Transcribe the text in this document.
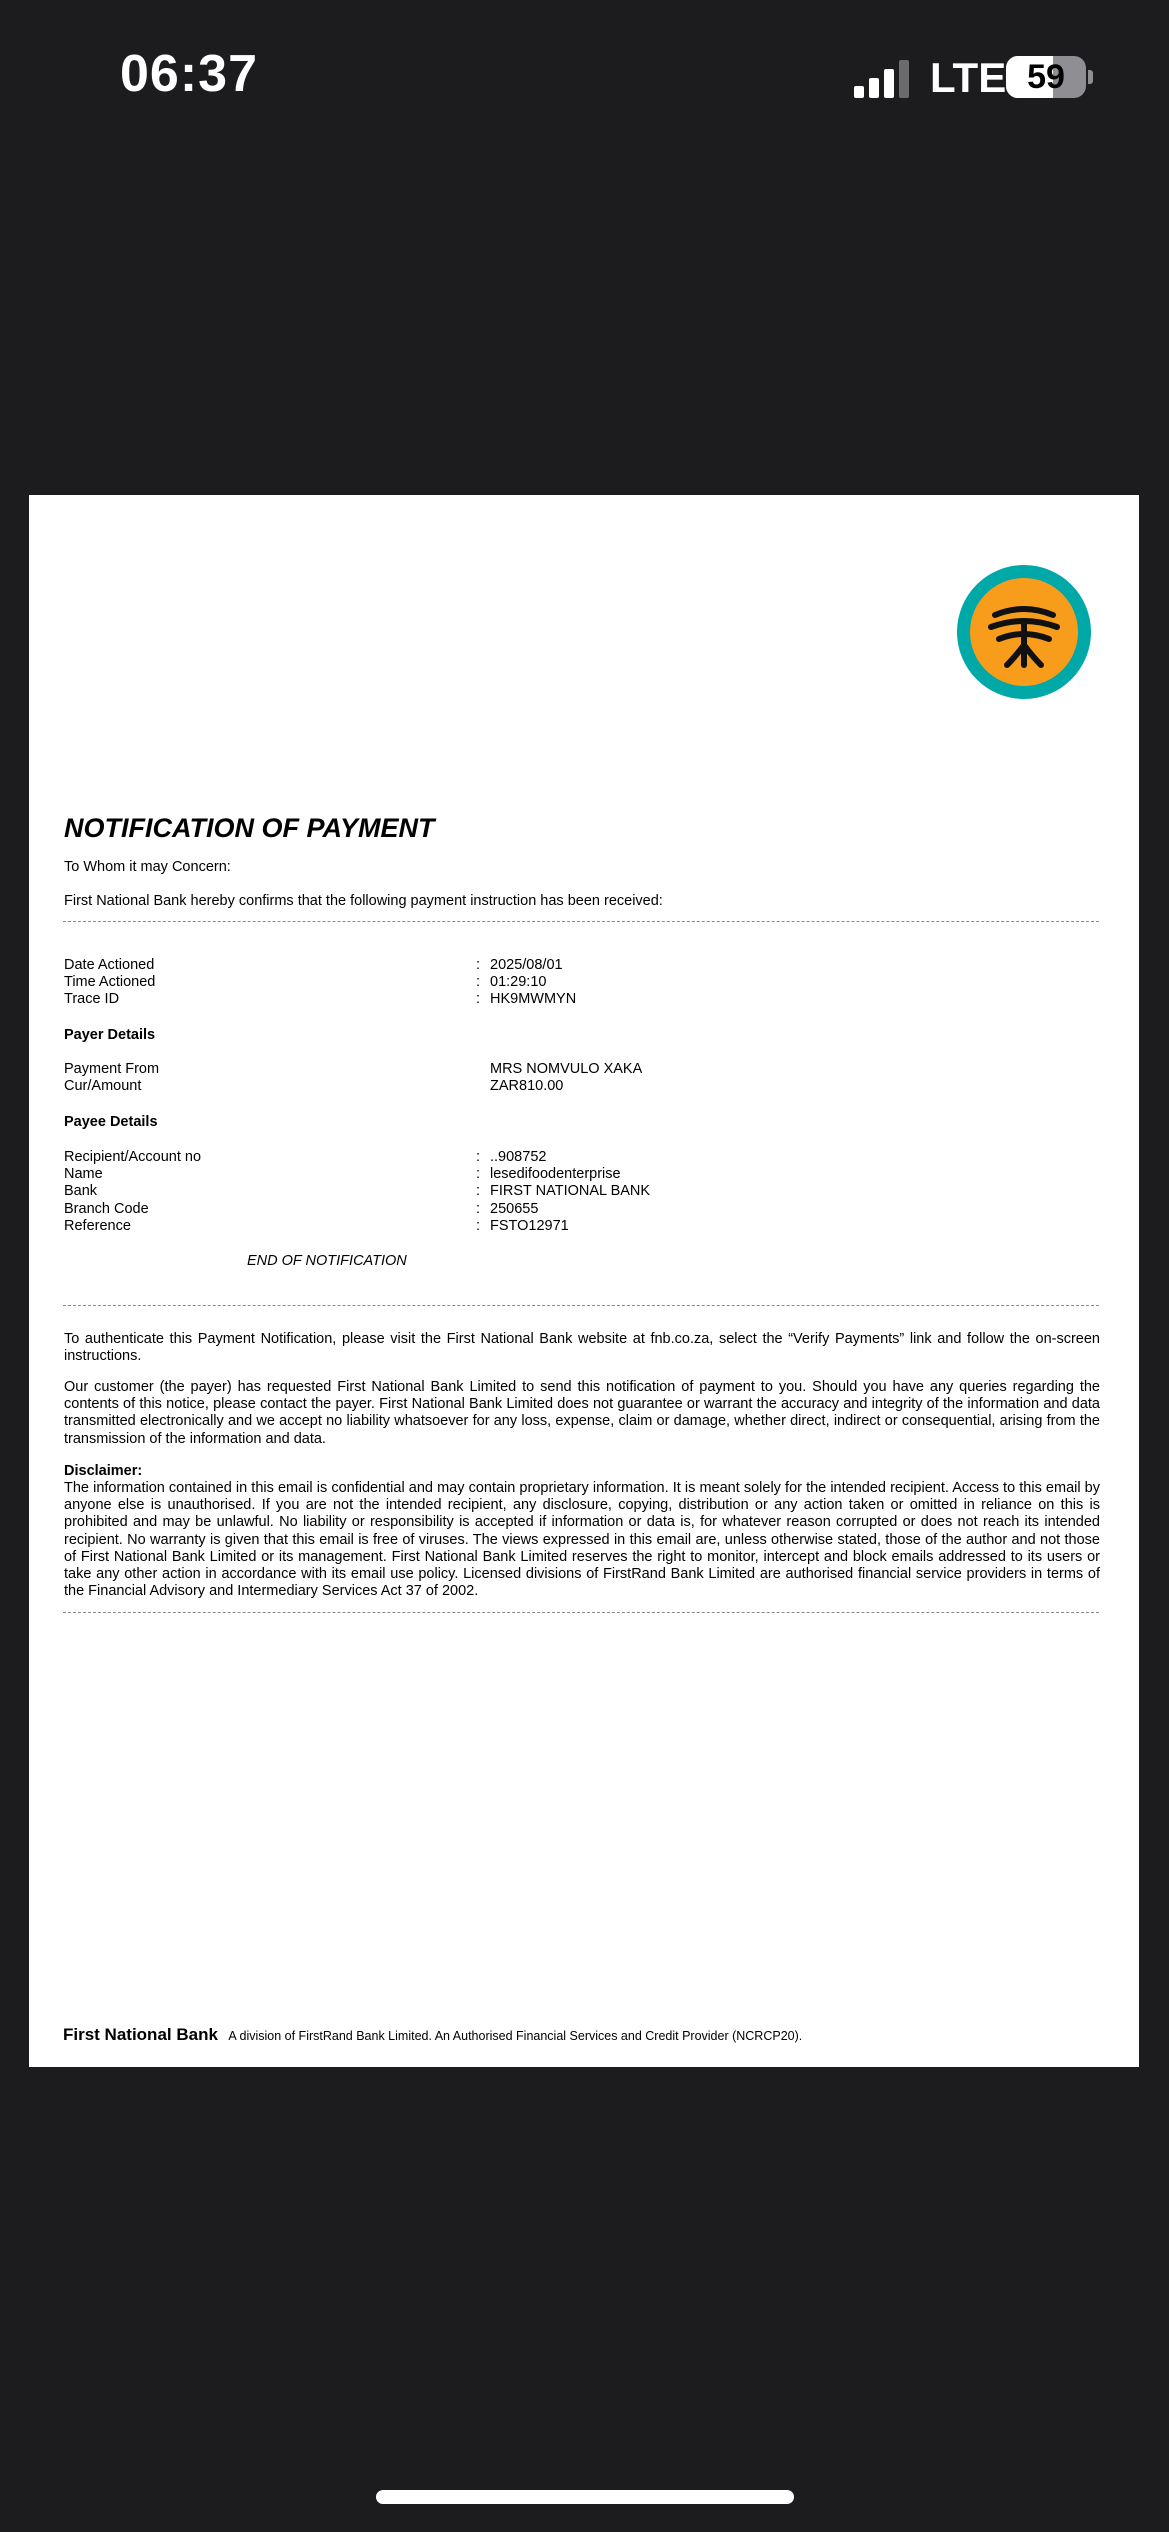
06:37	LTE 59
NOTIFICATION OF PAYMENT
To Whom it may Concern:
First National Bank hereby confirms that the following payment instruction has been received:
Date Actioned	: 2025/08/01
Time Actioned	: 01:29:10
Trace ID	: HK9MWMYN
Payer Details
Payment From	MRS NOMVULO XAKA
Cur/Amount	ZAR810.00
Payee Details
Recipient/Account no	: ..908752
Name	: lesedifoodenterprise
Bank	: FIRST NATIONAL BANK
Branch Code	: 250655
Reference	: FSTO12971
END OF NOTIFICATION
To authenticate this Payment Notification, please visit the First National Bank website at fnb.co.za, select the “Verify Payments” link and follow the on-screen instructions.
Our customer (the payer) has requested First National Bank Limited to send this notification of payment to you. Should you have any queries regarding the contents of this notice, please contact the payer. First National Bank Limited does not guarantee or warrant the accuracy and integrity of the information and data transmitted electronically and we accept no liability whatsoever for any loss, expense, claim or damage, whether direct, indirect or consequential, arising from the transmission of the information and data.
Disclaimer:
The information contained in this email is confidential and may contain proprietary information. It is meant solely for the intended recipient. Access to this email by anyone else is unauthorised. If you are not the intended recipient, any disclosure, copying, distribution or any action taken or omitted in reliance on this is prohibited and may be unlawful. No liability or responsibility is accepted if information or data is, for whatever reason corrupted or does not reach its intended recipient. No warranty is given that this email is free of viruses. The views expressed in this email are, unless otherwise stated, those of the author and not those of First National Bank Limited or its management. First National Bank Limited reserves the right to monitor, intercept and block emails addressed to its users or take any other action in accordance with its email use policy. Licensed divisions of FirstRand Bank Limited are authorised financial service providers in terms of the Financial Advisory and Intermediary Services Act 37 of 2002.
First National Bank A division of FirstRand Bank Limited. An Authorised Financial Services and Credit Provider (NCRCP20).
